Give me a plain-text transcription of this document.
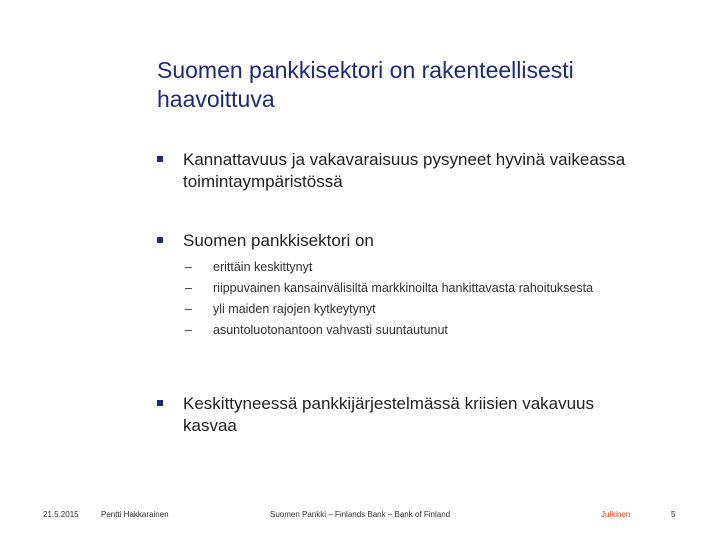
Suomen pankkisektori on rakenteellisesti haavoittuva
Kannattavuus ja vakavaraisuus pysyneet hyvinä vaikeassa toimintaympäristössä
Suomen pankkisektori on
–	erittäin keskittynyt
–	riippuvainen kansainvälisiltä markkinoilta hankittavasta rahoituksesta
–	yli maiden rajojen kytkeytynyt
–	asuntoluotonantoon vahvasti suuntautunut
Keskittyneessä pankkijärjestelmässä kriisien vakavuus kasvaa
21.5.2015	Pentti Hakkarainen	Suomen Pankki – Finlands Bank – Bank of Finland	Julkinen	5
